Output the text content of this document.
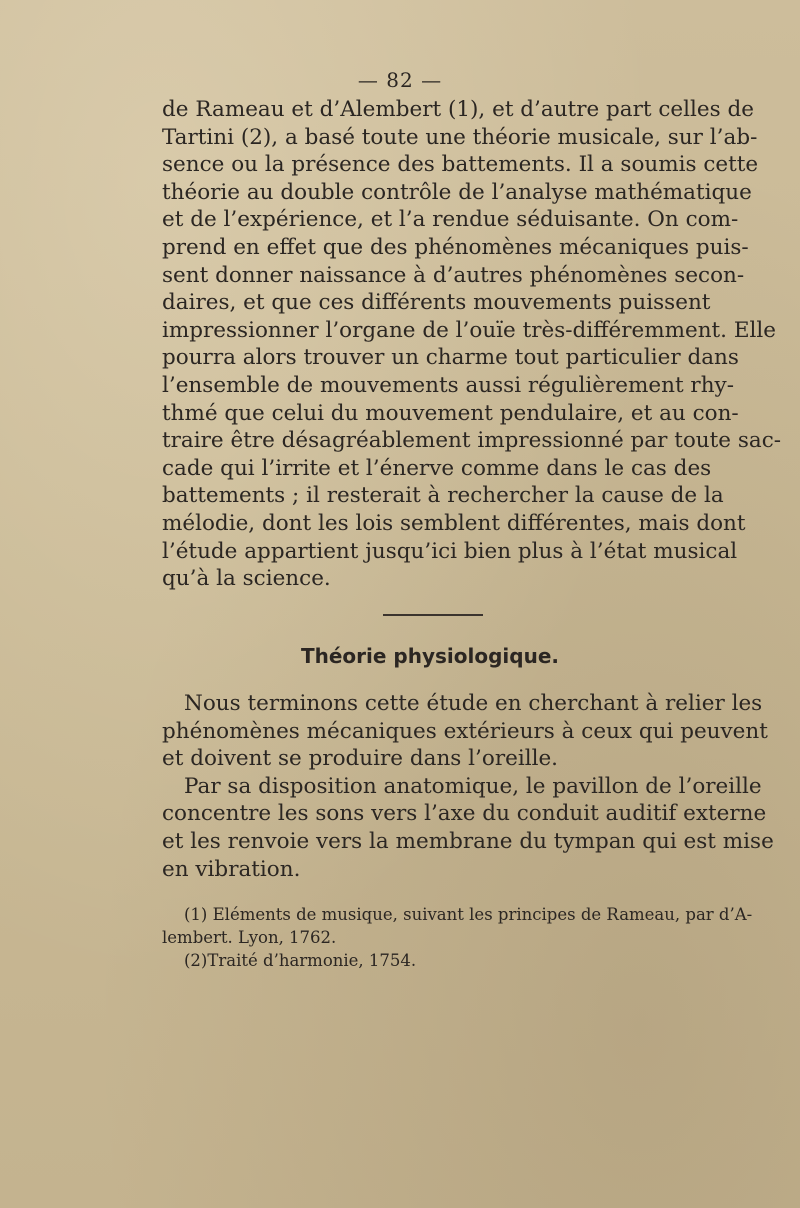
— 82 —
de Rameau et d’Alembert (1), et d’autre part celles de
Tartini (2), a basé toute une théorie musicale, sur l’ab-
sence ou la présence des battements. Il a soumis cette
théorie au double contrôle de l’analyse mathématique
et de l’expérience, et l’a rendue séduisante. On com-
prend en effet que des phénomènes mécaniques puis-
sent donner naissance à d’autres phénomènes secon-
daires, et que ces différents mouvements puissent
impressionner l’organe de l’ouïe très-différemment. Elle
pourra alors trouver un charme tout particulier dans
l’ensemble de mouvements aussi régulièrement rhy-
thmé que celui du mouvement pendulaire, et au con-
traire être désagréablement impressionné par toute sac-
cade qui l’irrite et l’énerve comme dans le cas des
battements ; il resterait à rechercher la cause de la
mélodie, dont les lois semblent différentes, mais dont
l’étude appartient jusqu’ici bien plus à l’état musical
qu’à la science.
Théorie physiologique.
Nous terminons cette étude en cherchant à relier les
phénomènes mécaniques extérieurs à ceux qui peuvent
et doivent se produire dans l’oreille.
Par sa disposition anatomique, le pavillon de l’oreille
concentre les sons vers l’axe du conduit auditif externe
et les renvoie vers la membrane du tympan qui est mise
en vibration.
(1) Eléments de musique, suivant les principes de Rameau, par d’A-
lembert. Lyon, 1762.
(2)Traité d’harmonie, 1754.
